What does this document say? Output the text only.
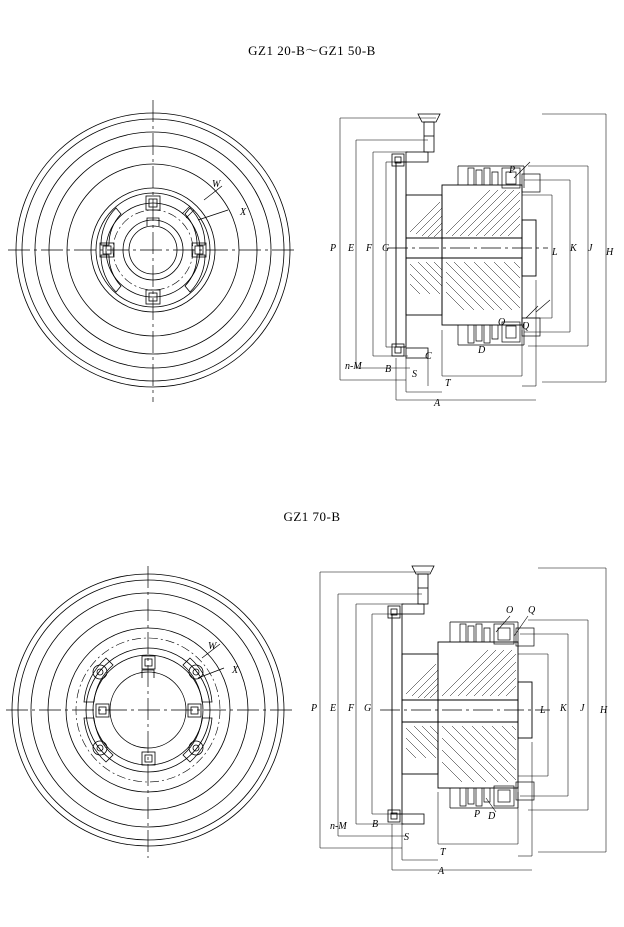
GZ1 20-B～GZ1 50-B
W
X
P E F G	L K J H
n-M B
C
S
T
D
A
P
O Q
GZ1 70-B
W
X
P E F G	L K J H
n-M	B
S
T
D
A
O Q
P
